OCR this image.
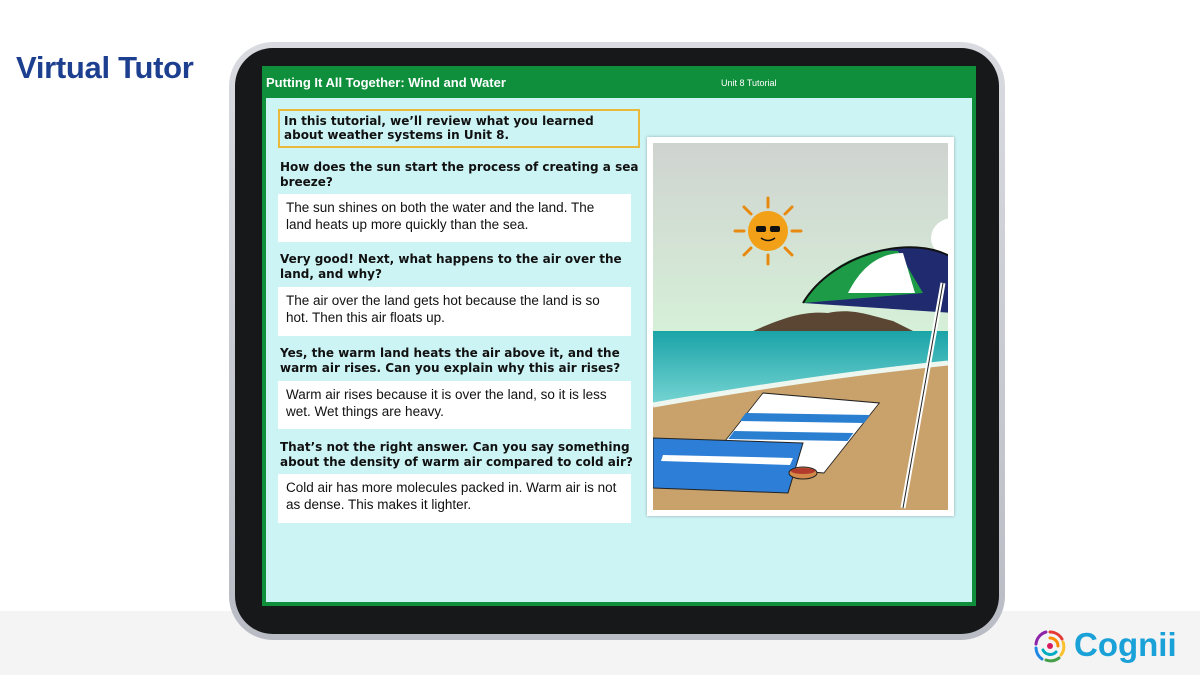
Virtual Tutor	Putting It All Together: Wind and Water	Unit 8 Tutorial
In this tutorial, we’ll review what you learned about weather systems in Unit 8.
How does the sun start the process of creating a sea breeze?
The sun shines on both the water and the land. The land heats up more quickly than the sea.
Very good! Next, what happens to the air over the land, and why?
The air over the land gets hot because the land is so hot. Then this air floats up.
Yes, the warm land heats the air above it, and the warm air rises. Can you explain why this air rises?
Warm air rises because it is over the land, so it is less wet. Wet things are heavy.
That’s not the right answer. Can you say something about the density of warm air compared to cold air?
Cold air has more molecules packed in. Warm air is not as dense. This makes it lighter.
Cognii
